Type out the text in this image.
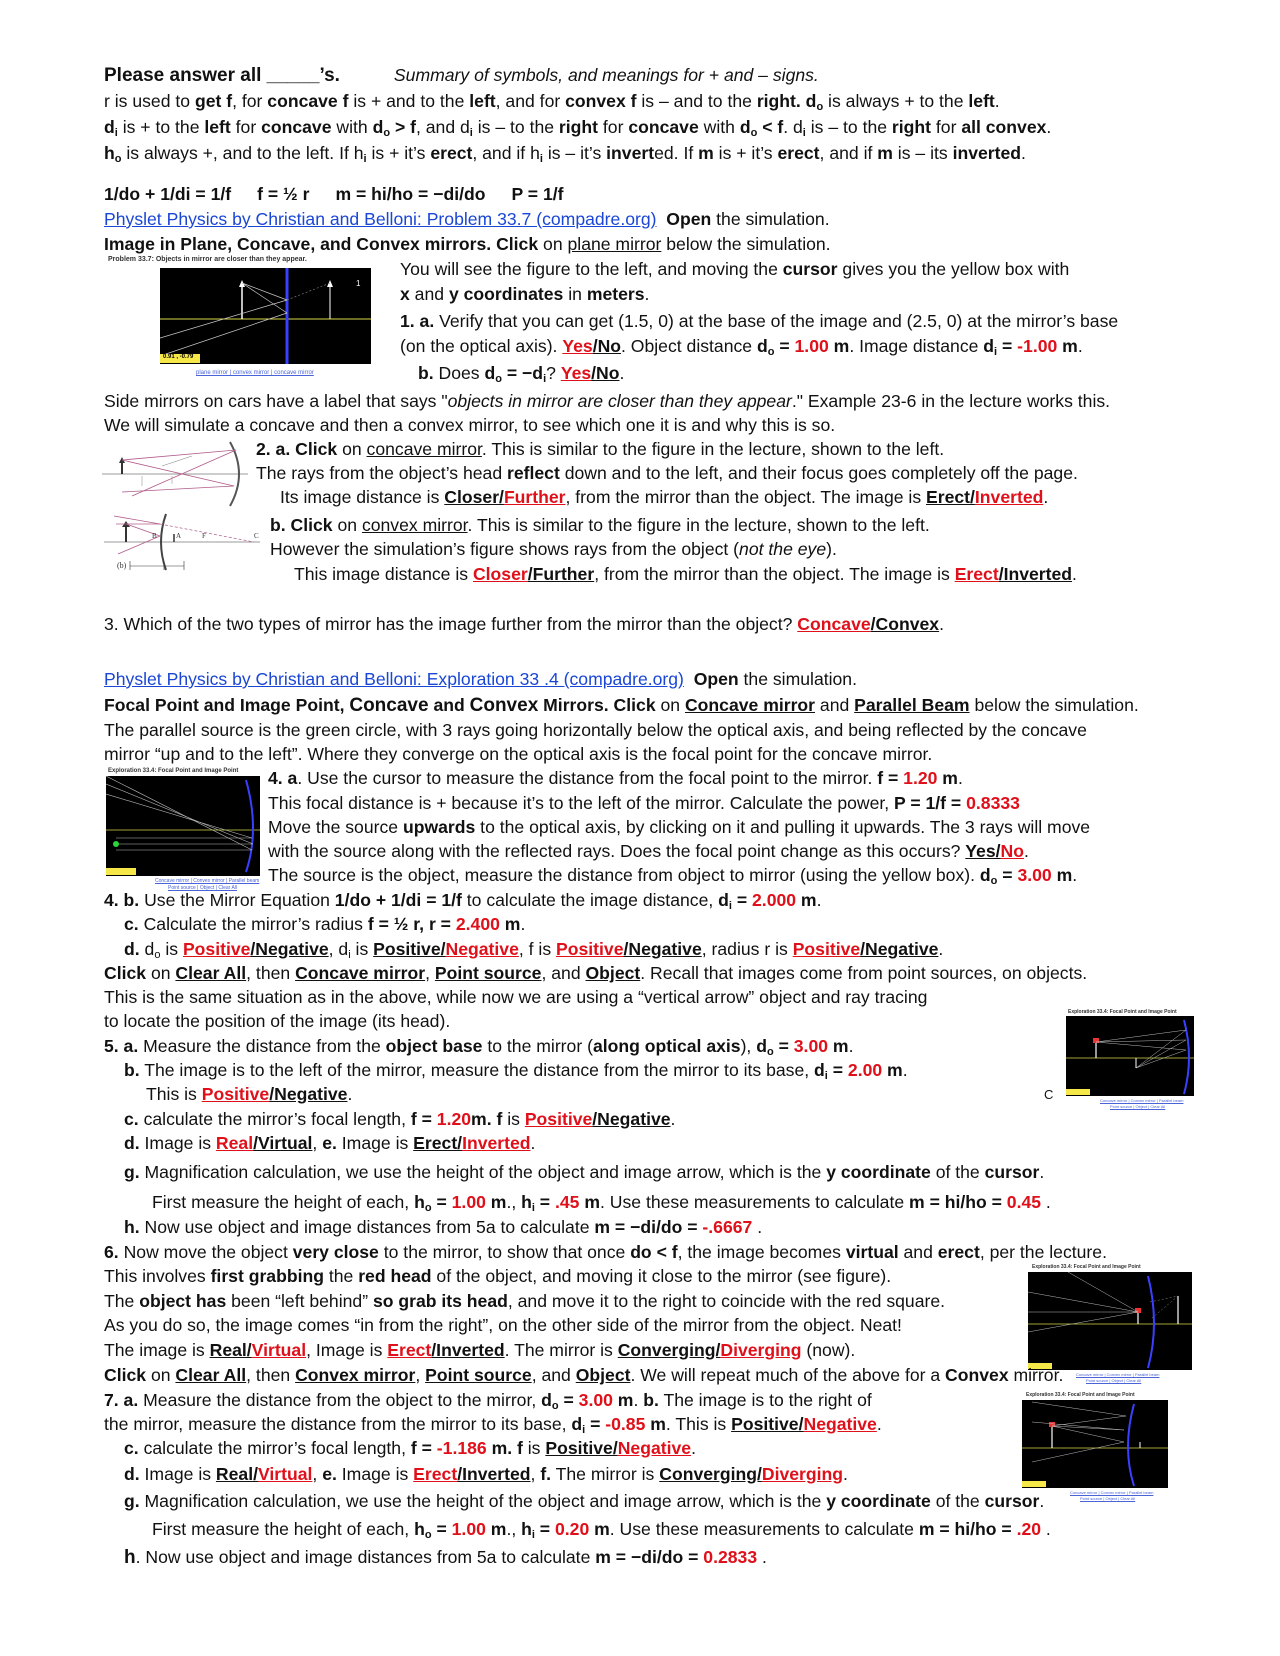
Please answer all _____’s.	Summary of symbols, and meanings for + and – signs.
r is used to get f, for concave f is + and to the left, and for convex f is – and to the right. $d_o$ is always + to the left.
$d_i$ is + to the left for concave with $d_o > f$, and $d_i$ is – to the right for concave with $d_o < f$. $d_i$ is – to the right for all convex.
$h_o$ is always +, and to the left. If $h_i$ is + it’s erect, and if $h_i$ is – it’s inverted. If m is + it’s erect, and if m is – its inverted.
1/do + 1/di = 1/f f = ½ r m = hi/ho = −di/do P = 1/f
Physlet Physics by Christian and Belloni: Problem 33.7 (compadre.org) Open the simulation.
Image in Plane, Concave, and Convex mirrors. Click on plane mirror below the simulation.
Problem 33.7: Objects in mirror are closer than they appear.
1
0.91 , -0.79
plane mirror | convex mirror | concave mirror
You will see the figure to the left, and moving the cursor gives you the yellow box with
x and y coordinates in meters.
1. a. Verify that you can get (1.5, 0) at the base of the image and (2.5, 0) at the mirror’s base
(on the optical axis). Yes/No. Object distance $d_o = 1.00$ m. Image distance $d_i = -1.00$ m.
b. Does $d_o = -d_i$? Yes/No.
Side mirrors on cars have a label that says "objects in mirror are closer than they appear." Example 23-6 in the lecture works this.
We will simulate a concave and then a convex mirror, to see which one it is and why this is so.
F	C
B	A
(b)
2. a. Click on concave mirror. This is similar to the figure in the lecture, shown to the left.
The rays from the object’s head reflect down and to the left, and their focus goes completely off the page.
Its image distance is Closer/Further, from the mirror than the object. The image is Erect/Inverted.
b. Click on convex mirror. This is similar to the figure in the lecture, shown to the left.
However the simulation’s figure shows rays from the object (not the eye).
This image distance is Closer/Further, from the mirror than the object. The image is Erect/Inverted.
3. Which of the two types of mirror has the image further from the mirror than the object? Concave/Convex.
Physlet Physics by Christian and Belloni: Exploration 33 .4 (compadre.org) Open the simulation.
Focal Point and Image Point, Concave and Convex Mirrors. Click on Concave mirror and Parallel Beam below the simulation.
The parallel source is the green circle, with 3 rays going horizontally below the optical axis, and being reflected by the concave
mirror “up and to the left”. Where they converge on the optical axis is the focal point for the concave mirror.
Exploration 33.4: Focal Point and Image Point
Concave mirror | Convex mirror | Parallel beam
Point source | Object | Clear All
4. a. Use the cursor to measure the distance from the focal point to the mirror. f = 1.20 m.
This focal distance is + because it’s to the left of the mirror. Calculate the power, P = 1/f = 0.8333
Move the source upwards to the optical axis, by clicking on it and pulling it upwards. The 3 rays will move
with the source along with the reflected rays. Does the focal point change as this occurs? Yes/No.
The source is the object, measure the distance from object to mirror (using the yellow box). $d_o = 3.00$ m.
4. b. Use the Mirror Equation 1/do + 1/di = 1/f to calculate the image distance, $d_i = 2.000$ m.
c. Calculate the mirror’s radius f = ½ r, r = 2.400 m.
d. $d_o$ is Positive/Negative, $d_i$ is Positive/Negative, f is Positive/Negative, radius r is Positive/Negative.
Click on Clear All, then Concave mirror, Point source, and Object. Recall that images come from point sources, on objects.
This is the same situation as in the above, while now we are using a “vertical arrow” object and ray tracing
to locate the position of the image (its head).	Exploration 33.4: Focal Point and Image Point
Concave mirror | Convex mirror | Parallel beam
Point source | Object | Clear All
C
5. a. Measure the distance from the object base to the mirror (along optical axis), $d_o = 3.00$ m.
b. The image is to the left of the mirror, measure the distance from the mirror to its base, $d_i = 2.00$ m.
This is Positive/Negative.
c. calculate the mirror’s focal length, f = 1.20m. f is Positive/Negative.
d. Image is Real/Virtual, e. Image is Erect/Inverted.
g. Magnification calculation, we use the height of the object and image arrow, which is the y coordinate of the cursor.
First measure the height of each, $h_o = 1.00$ m., $h_i = .45$ m. Use these measurements to calculate m = hi/ho = 0.45 .
h. Now use object and image distances from 5a to calculate m = −di/do = -.6667 .
6. Now move the object very close to the mirror, to show that once do < f, the image becomes virtual and erect, per the lecture.
Exploration 33.4: Focal Point and Image Point
Concave mirror | Convex mirror | Parallel beam
Point source | Object | Clear All
This involves first grabbing the red head of the object, and moving it close to the mirror (see figure).
The object has been “left behind” so grab its head, and move it to the right to coincide with the red square.
As you do so, the image comes “in from the right”, on the other side of the mirror from the object. Neat!
The image is Real/Virtual, Image is Erect/Inverted. The mirror is Converging/Diverging (now).
Click on Clear All, then Convex mirror, Point source, and Object. We will repeat much of the above for a Convex mirror.
Exploration 33.4: Focal Point and Image Point
Concave mirror | Convex mirror | Parallel beam
Point source | Object | Clear All
7. a. Measure the distance from the object to the mirror, $d_o = 3.00$ m. b. The image is to the right of
the mirror, measure the distance from the mirror to its base, $d_i = -0.85$ m. This is Positive/Negative.
c. calculate the mirror’s focal length, f = -1.186 m. f is Positive/Negative.
d. Image is Real/Virtual, e. Image is Erect/Inverted, f. The mirror is Converging/Diverging.
g. Magnification calculation, we use the height of the object and image arrow, which is the y coordinate of the cursor.
First measure the height of each, $h_o = 1.00$ m., $h_i = 0.20$ m. Use these measurements to calculate m = hi/ho = .20 .
h. Now use object and image distances from 5a to calculate m = −di/do = 0.2833 .
